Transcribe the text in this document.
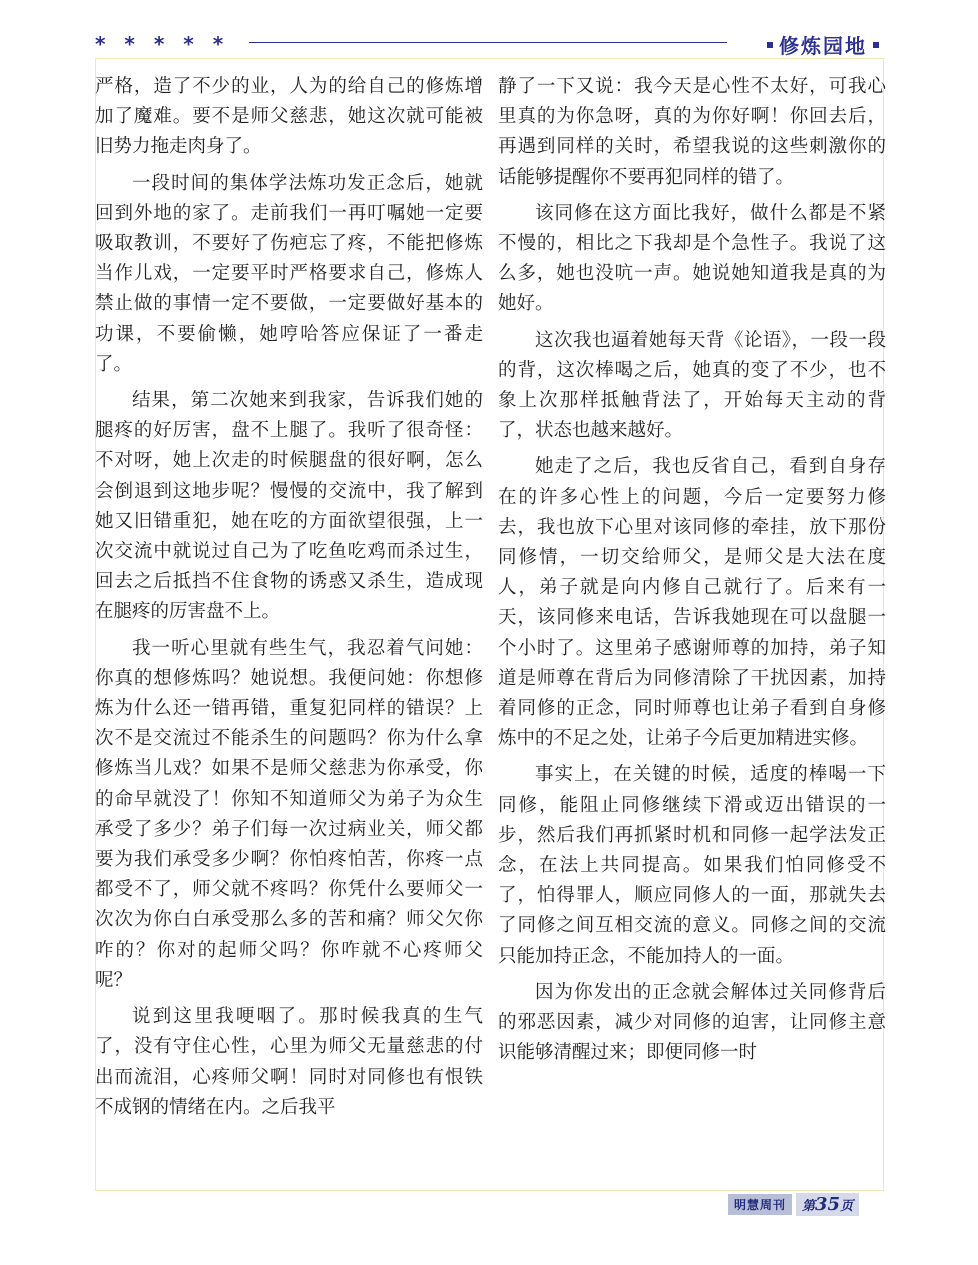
* * * * *	修炼园地

严格，造了不少的业，人为的给自己的修炼增加了魔难。要不是师父慈悲，她这次就可能被旧势力拖走肉身了。

一段时间的集体学法炼功发正念后，她就回到外地的家了。走前我们一再叮嘱她一定要吸取教训，不要好了伤疤忘了疼，不能把修炼当作儿戏，一定要平时严格要求自己，修炼人禁止做的事情一定不要做，一定要做好基本的功课，不要偷懒，她哼哈答应保证了一番走了。

结果，第二次她来到我家，告诉我们她的腿疼的好厉害，盘不上腿了。我听了很奇怪：不对呀，她上次走的时候腿盘的很好啊，怎么会倒退到这地步呢？慢慢的交流中，我了解到她又旧错重犯，她在吃的方面欲望很强，上一次交流中就说过自己为了吃鱼吃鸡而杀过生，回去之后抵挡不住食物的诱惑又杀生，造成现在腿疼的厉害盘不上。

我一听心里就有些生气，我忍着气问她：你真的想修炼吗？她说想。我便问她：你想修炼为什么还一错再错，重复犯同样的错误？上次不是交流过不能杀生的问题吗？你为什么拿修炼当儿戏？如果不是师父慈悲为你承受，你的命早就没了！你知不知道师父为弟子为众生承受了多少？弟子们每一次过病业关，师父都要为我们承受多少啊？你怕疼怕苦，你疼一点都受不了，师父就不疼吗？你凭什么要师父一次次为你白白承受那么多的苦和痛？师父欠你咋的？你对的起师父吗？你咋就不心疼师父呢？

说到这里我哽咽了。那时候我真的生气了，没有守住心性，心里为师父无量慈悲的付出而流泪，心疼师父啊！同时对同修也有恨铁不成钢的情绪在内。之后我平

静了一下又说：我今天是心性不太好，可我心里真的为你急呀，真的为你好啊！你回去后，再遇到同样的关时，希望我说的这些刺激你的话能够提醒你不要再犯同样的错了。

该同修在这方面比我好，做什么都是不紧不慢的，相比之下我却是个急性子。我说了这么多，她也没吭一声。她说她知道我是真的为她好。

这次我也逼着她每天背《论语》，一段一段的背，这次棒喝之后，她真的变了不少，也不象上次那样抵触背法了，开始每天主动的背了，状态也越来越好。

她走了之后，我也反省自己，看到自身存在的许多心性上的问题，今后一定要努力修去，我也放下心里对该同修的牵挂，放下那份同修情，一切交给师父，是师父是大法在度人，弟子就是向内修自己就行了。后来有一天，该同修来电话，告诉我她现在可以盘腿一个小时了。这里弟子感谢师尊的加持，弟子知道是师尊在背后为同修清除了干扰因素，加持着同修的正念，同时师尊也让弟子看到自身修炼中的不足之处，让弟子今后更加精进实修。

事实上，在关键的时候，适度的棒喝一下同修，能阻止同修继续下滑或迈出错误的一步，然后我们再抓紧时机和同修一起学法发正念，在法上共同提高。如果我们怕同修受不了，怕得罪人，顺应同修人的一面，那就失去了同修之间互相交流的意义。同修之间的交流只能加持正念，不能加持人的一面。

因为你发出的正念就会解体过关同修背后的邪恶因素，减少对同修的迫害，让同修主意识能够清醒过来；即便同修一时

明慧周刊	第35页
